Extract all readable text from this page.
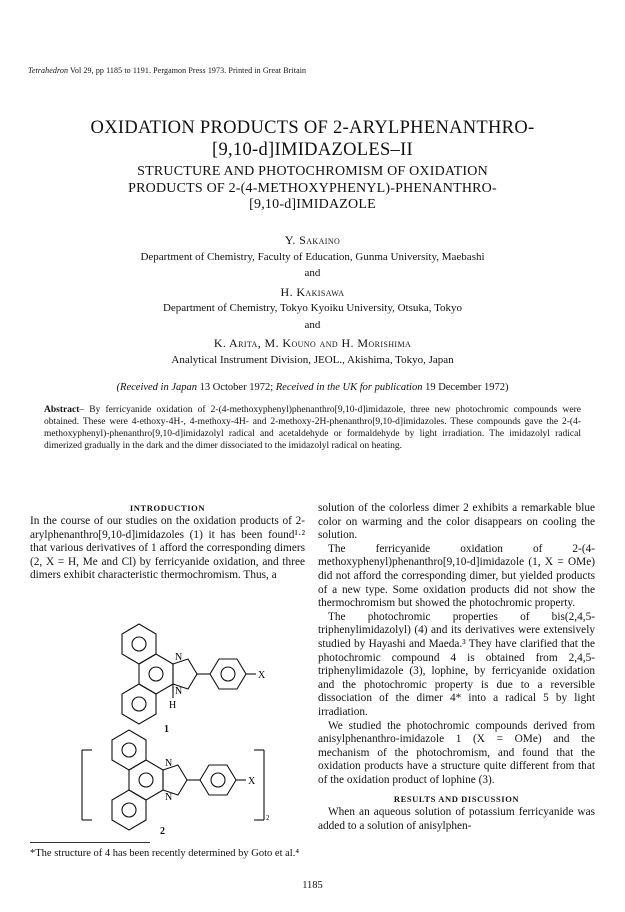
Tetrahedron Vol 29, pp 1185 to 1191. Pergamon Press 1973. Printed in Great Britain
OXIDATION PRODUCTS OF 2-ARYLPHENANTHRO-
[9,10-d]IMIDAZOLES–II
STRUCTURE AND PHOTOCHROMISM OF OXIDATION
PRODUCTS OF 2-(4-METHOXYPHENYL)-PHENANTHRO-
[9,10-d]IMIDAZOLE
Y. Sakaino
Department of Chemistry, Faculty of Education, Gunma University, Maebashi
and
H. Kakisawa
Department of Chemistry, Tokyo Kyoiku University, Otsuka, Tokyo
and
K. Arita, M. Kouno and H. Morishima
Analytical Instrument Division, JEOL., Akishima, Tokyo, Japan
(Received in Japan 13 October 1972; Received in the UK for publication 19 December 1972)
Abstract– By ferricyanide oxidation of 2-(4-methoxyphenyl)phenanthro[9,10-d]imidazole, three new photochromic compounds were obtained. These were 4-ethoxy-4H-, 4-methoxy-4H- and 2-methoxy-2H-phenanthro[9,10-d]imidazoles. These compounds gave the 2-(4-methoxyphenyl)-phenanthro[9,10-d]imidazolyl radical and acetaldehyde or formaldehyde by light irradiation. The imidazolyl radical dimerized gradually in the dark and the dimer dissociated to the imidazolyl radical on heating.
INTRODUCTION

In the course of our studies on the oxidation products of 2-arylphenanthro[9,10-d]imidazoles (1) it has been found¹·² that various derivatives of 1 afford the corresponding dimers (2, X = H, Me and Cl) by ferricyanide oxidation, and three dimers exhibit characteristic thermochromism. Thus, a

N
N
H
X
N
N
X
2
1
2
*The structure of 4 has been recently determined by Goto et al.⁴

solution of the colorless dimer 2 exhibits a remarkable blue color on warming and the color disappears on cooling the solution.

The ferricyanide oxidation of 2-(4-methoxyphenyl)phenanthro[9,10-d]imidazole (1, X = OMe) did not afford the corresponding dimer, but yielded products of a new type. Some oxidation products did not show the thermochromism but showed the photochromic property.

The photochromic properties of bis(2,4,5-triphenylimidazolyl) (4) and its derivatives were extensively studied by Hayashi and Maeda.³ They have clarified that the photochromic compound 4 is obtained from 2,4,5-triphenylimidazole (3), lophine, by ferricyanide oxidation and the photochromic property is due to a reversible dissociation of the dimer 4* into a radical 5 by light irradiation.

We studied the photochromic compounds derived from anisylphenanthro-imidazole 1 (X = OMe) and the mechanism of the photochromism, and found that the oxidation products have a structure quite different from that of the oxidation product of lophine (3).

RESULTS AND DISCUSSION

When an aqueous solution of potassium ferricyanide was added to a solution of anisylphen-

1185
